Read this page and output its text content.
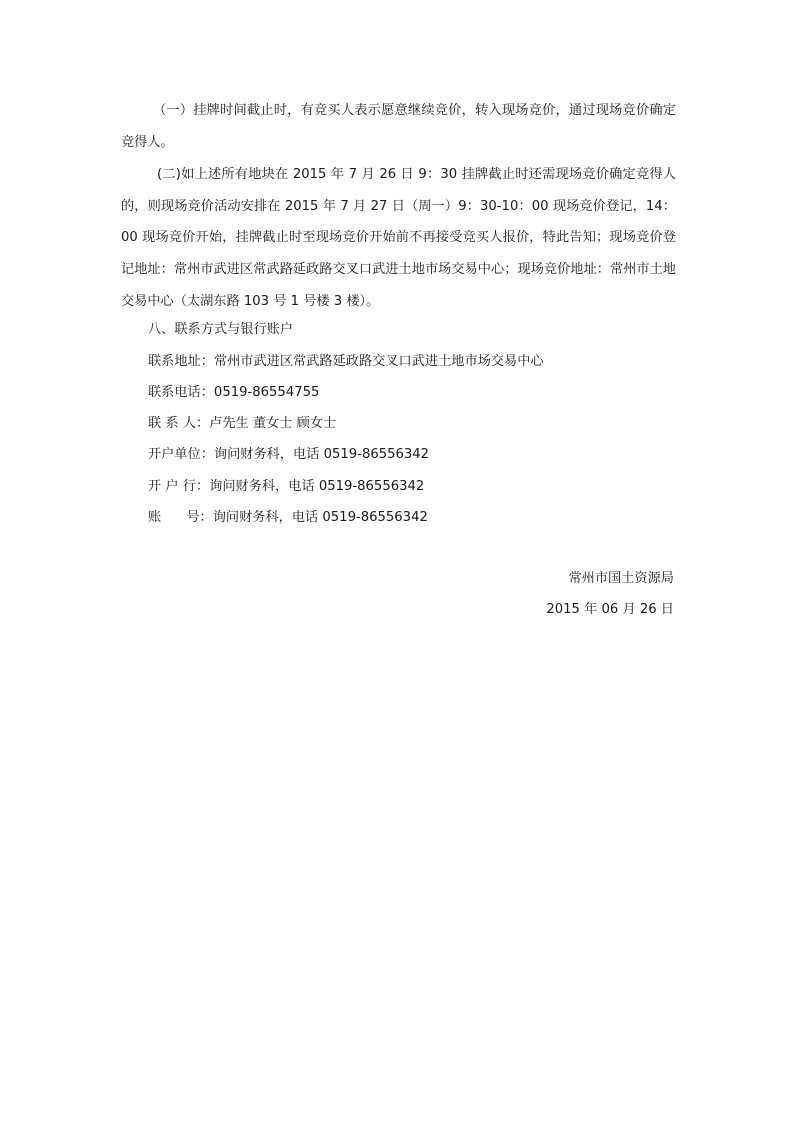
（一）挂牌时间截止时，有竞买人表示愿意继续竞价，转入现场竞价，通过现场竞价确定竞得人。

(二)如上述所有地块在 2015 年 7 月 26 日 9：30 挂牌截止时还需现场竞价确定竞得人的，则现场竞价活动安排在 2015 年 7 月 27 日（周一）9：30-10：00 现场竞价登记，14：00 现场竞价开始，挂牌截止时至现场竞价开始前不再接受竞买人报价，特此告知；现场竞价登记地址：常州市武进区常武路延政路交叉口武进土地市场交易中心；现场竞价地址：常州市土地交易中心（太湖东路 103 号 1 号楼 3 楼）。

八、联系方式与银行账户

联系地址：常州市武进区常武路延政路交叉口武进土地市场交易中心

联系电话：0519-86554755

联 系 人：卢先生 董女士 顾女士

开户单位：询问财务科，电话 0519-86556342

开 户 行：询问财务科，电话 0519-86556342

账      号：询问财务科，电话 0519-86556342

常州市国土资源局

2015 年 06 月 26 日
